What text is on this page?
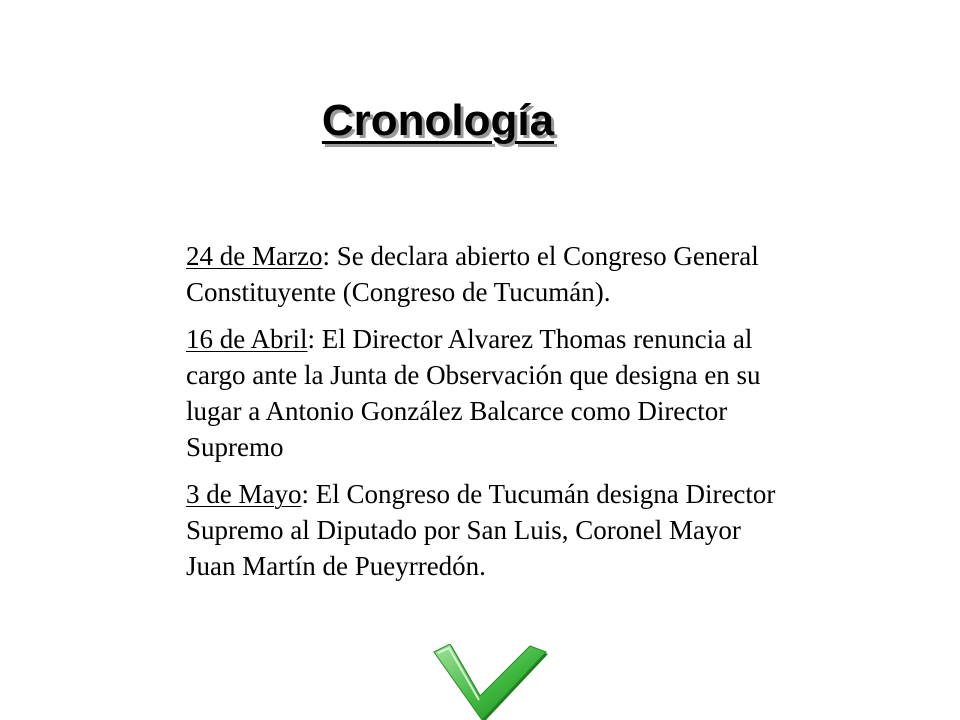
Cronología

24 de Marzo: Se declara abierto el Congreso General Constituyente (Congreso de Tucumán).

16 de Abril: El Director Alvarez Thomas renuncia al cargo ante la Junta de Observación que designa en su lugar a Antonio González Balcarce como Director Supremo

3 de Mayo: El Congreso de Tucumán designa Director Supremo al Diputado por San Luis, Coronel Mayor Juan Martín de Pueyrredón.
